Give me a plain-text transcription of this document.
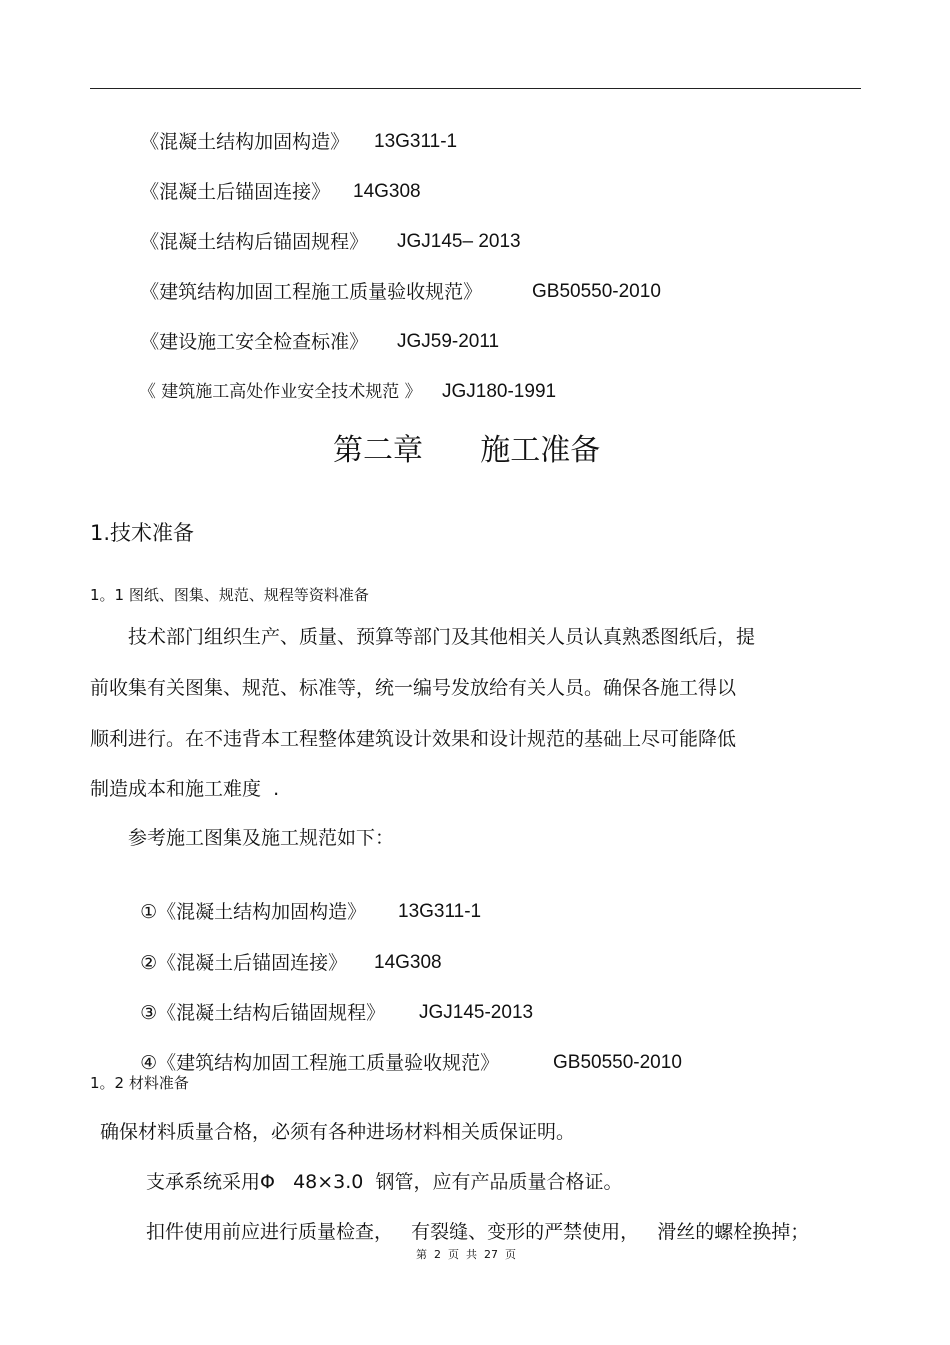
《混凝土结构加固构造》 13G311-1

《混凝土后锚固连接》 14G308

《混凝土结构后锚固规程》 JGJ145– 2013

《建筑结构加固工程施工质量验收规范》	GB50550-2010

《建设施工安全检查标准》 JGJ59-2011

《 建筑施工高处作业安全技术规范 》 JGJ180-1991

第二章      施工准备
1.技术准备
1。1 图纸、图集、规范、规程等资料准备
技术部门组织生产、质量、预算等部门及其他相关人员认真熟悉图纸后，提
前收集有关图集、规范、标准等，统一编号发放给有关人员。确保各施工得以
顺利进行。在不违背本工程整体建筑设计效果和设计规范的基础上尽可能降低
制造成本和施工难度  .
参考施工图集及施工规范如下：

①《混凝土结构加固构造》 13G311-1

②《混凝土后锚固连接》 14G308

③《混凝土结构后锚固规程》 JGJ145-2013

④《建筑结构加固工程施工质量验收规范》	GB50550-2010

1。2 材料准备
确保材料质量合格，必须有各种进场材料相关质保证明。
支承系统采用Φ   48×3.0  钢管，应有产品质量合格证。
扣件使用前应进行质量检查，   有裂缝、变形的严禁使用，   滑丝的螺栓换掉；
第  2  页  共  27  页
